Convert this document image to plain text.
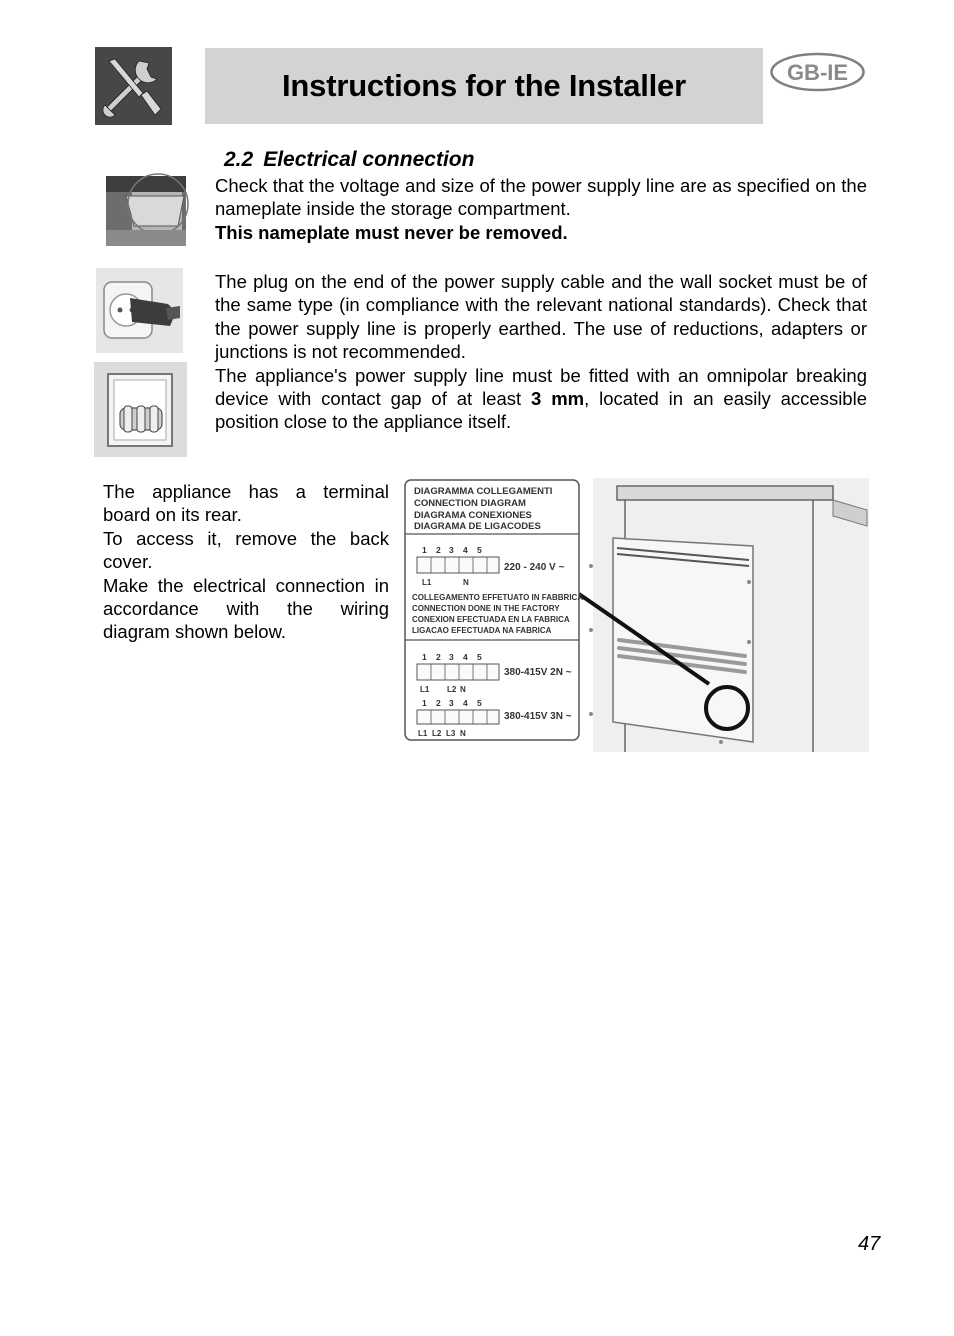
Instructions for the Installer	GB-IE
2.2 Electrical connection
Check that the voltage and size of the power supply line are as specified on the nameplate inside the storage compartment.
This nameplate must never be removed.
The plug on the end of the power supply cable and the wall socket must be of the same type (in compliance with the relevant national standards). Check that the power supply line is properly earthed. The use of reductions, adapters or junctions is not recommended.
The appliance's power supply line must be fitted with an omnipolar breaking device with contact gap of at least 3 mm, located in an easily accessible position close to the appliance itself.
The appliance has a terminal board on its rear.
To access it, remove the back cover.
Make the electrical connection in accordance with the wiring diagram shown below.
DIAGRAMMA COLLEGAMENTI
CONNECTION DIAGRAM
DIAGRAMA CONEXIONES
DIAGRAMA DE LIGACODES
1 2 3 4 5
220 - 240 V ~
L1	N
COLLEGAMENTO EFFETUATO IN FABBRICA
CONNECTION DONE IN THE FACTORY
CONEXION EFECTUADA EN LA FABRICA
LIGACAO EFECTUADA NA FABRICA
1 2 3 4 5
380-415V 2N ~
L1 L2 N
1 2 3 4 5
380-415V 3N ~
L1 L2 L3 N
47
